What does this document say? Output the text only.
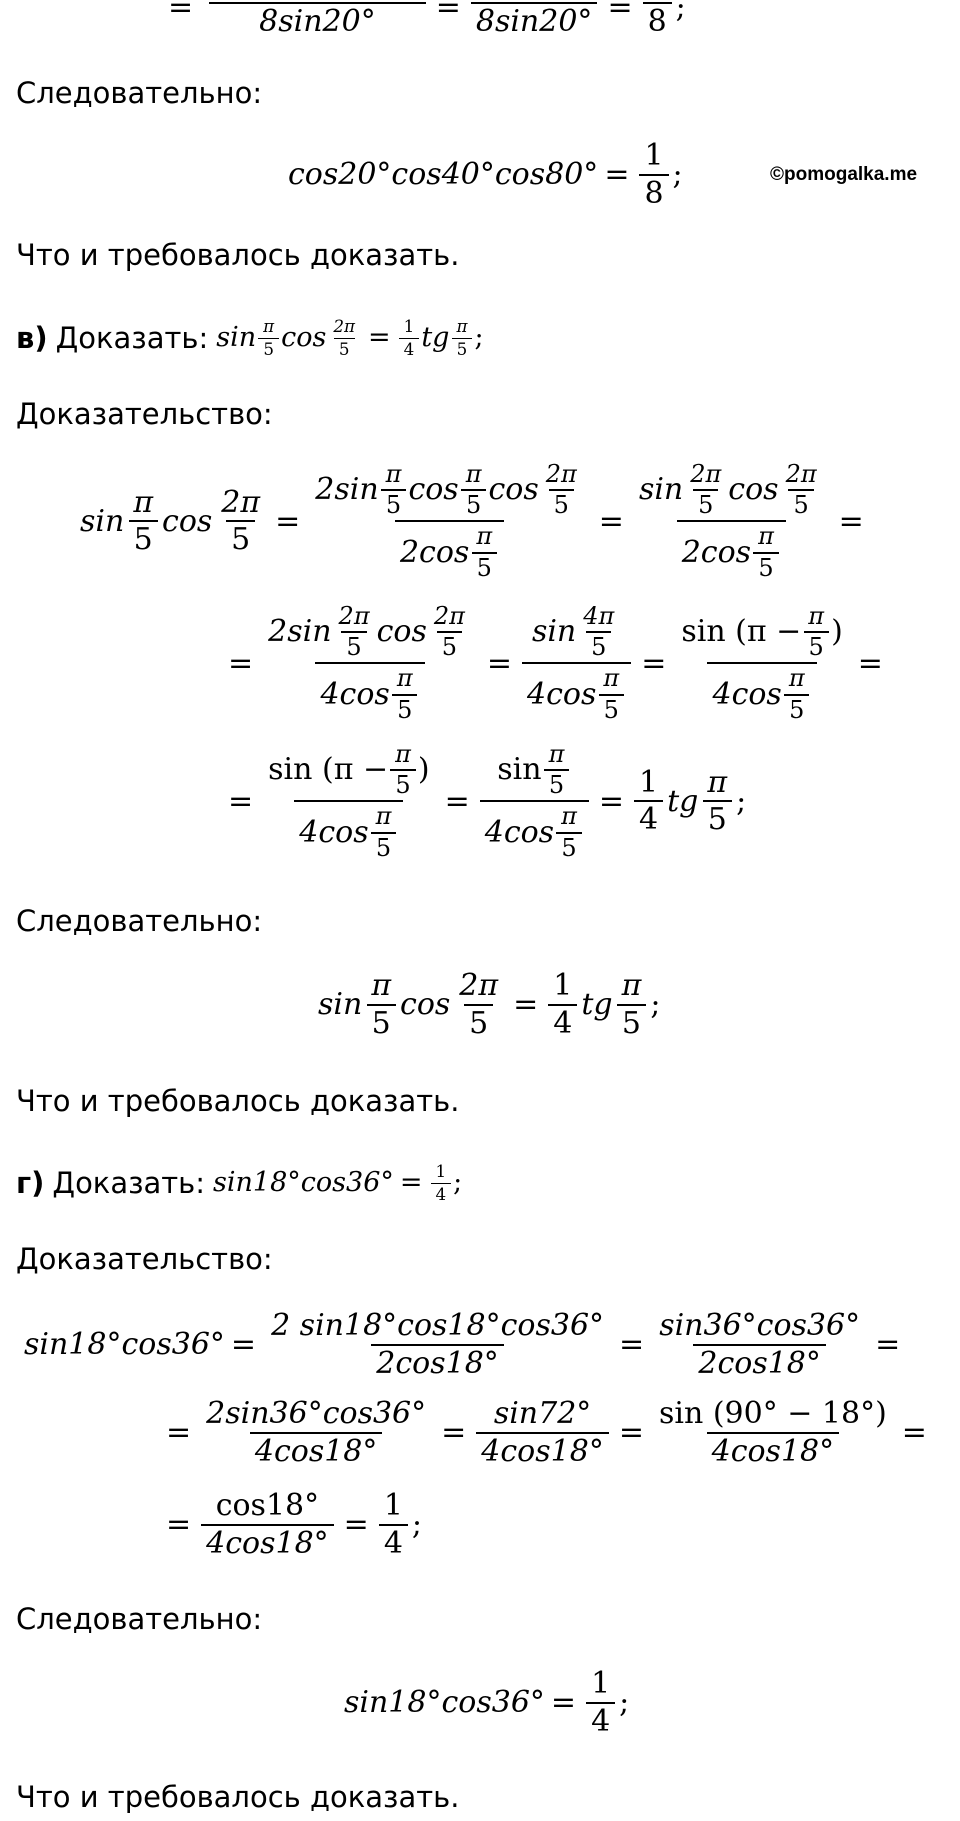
=	8sin20°	= 8sin20° = 8 ;
Следовательно:
$\cos 20^\circ\cos 40^\circ\cos 80^\circ = \frac{1}{8}$ ;	©pomogalka.me
Что и требовалось доказать.
в) Доказать: $\sin \frac{\pi}{5}$ $\cos \frac{2\pi}{5} = \frac{1}{4}$ tg $\frac{\pi}{5}$ ;
Доказательство:
$\sin \frac{\pi}{5}$ $\cos \frac{2\pi}{5} = \frac{2\sin \frac{\pi}{5} \cos \frac{\pi}{5} \cos \frac{2\pi}{5}}{2\cos \frac{\pi}{5}} = \frac{\sin \frac{2\pi}{5} \cos \frac{2\pi}{5}}{2\cos \frac{\pi}{5}}$ =
= $\frac{2\sin \frac{2\pi}{5} \cos \frac{2\pi}{5}}{4\cos \frac{\pi}{5}} = \frac{\sin \frac{4\pi}{5}}{4\cos \frac{\pi}{5}} = \frac{\sin (\pi - \frac{\pi}{5} )}{4\cos \frac{\pi}{5}}$ =
= $\frac{\sin (\pi - \frac{\pi}{5} )}{4\cos \frac{\pi}{5}} = \frac{\sin \frac{\pi}{5}}{4\cos \frac{\pi}{5}} = \frac{1}{4}$ tg $\frac{\pi}{5}$ ;
Следовательно:
$\sin \frac{\pi}{5}$ $\cos \frac{2\pi}{5} = \frac{1}{4}$ tg $\frac{\pi}{5}$ ;
Что и требовалось доказать.
г) Доказать: $\sin 18^\circ\cos 36^\circ = \frac{1}{4}$ ;
Доказательство:
$\sin 18^\circ\cos 36^\circ = \frac{2 \sin 18^\circ\cos 18^\circ\cos 36^\circ}{2\cos 18^\circ} = \frac{\sin 36^\circ\cos 36^\circ}{2\cos 18^\circ}$ =
= $\frac{2\sin 36^\circ\cos 36^\circ}{4\cos 18^\circ} = \frac{\sin 72^\circ}{4\cos 18^\circ} = \frac{\sin (90^\circ - 18^\circ)}{4\cos 18^\circ}$ =
= $\frac{\cos 18^\circ}{4\cos 18^\circ} = \frac{1}{4}$ ;
Следовательно:
$\sin 18^\circ\cos 36^\circ = \frac{1}{4}$ ;
Что и требовалось доказать.
